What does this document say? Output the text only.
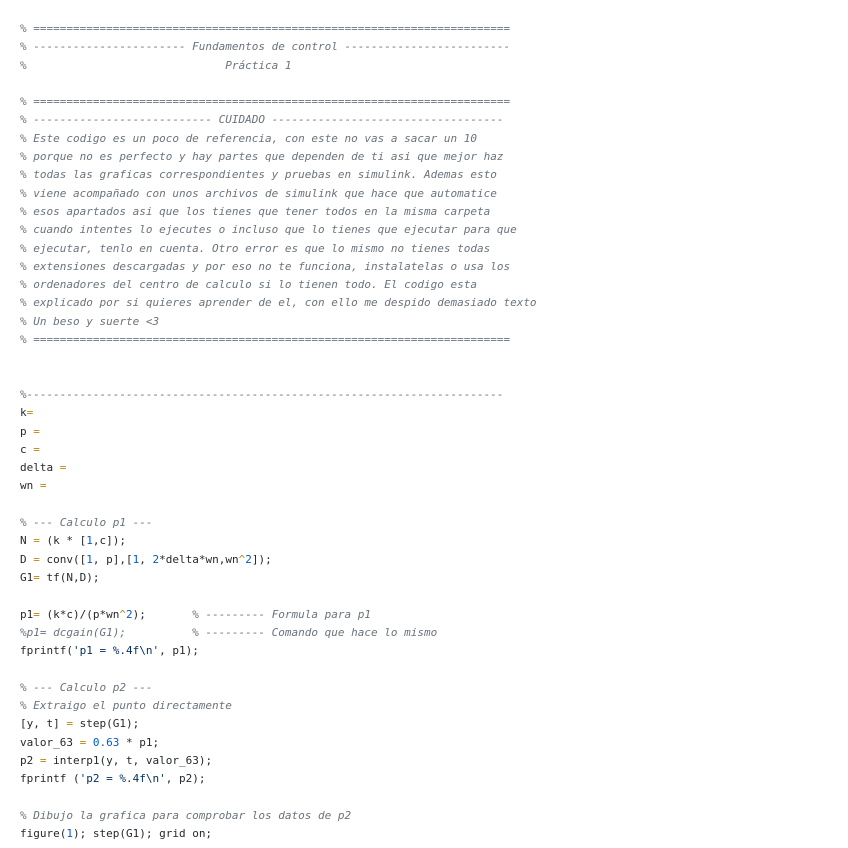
% ========================================================================
% ----------------------- Fundamentos de control -------------------------
%                              Práctica 1
% ========================================================================
% --------------------------- CUIDADO -----------------------------------
% Este codigo es un poco de referencia, con este no vas a sacar un 10
% porque no es perfecto y hay partes que dependen de ti asi que mejor haz
% todas las graficas correspondientes y pruebas en simulink. Ademas esto
% viene acompañado con unos archivos de simulink que hace que automatice
% esos apartados asi que los tienes que tener todos en la misma carpeta
% cuando intentes lo ejecutes o incluso que lo tienes que ejecutar para que
% ejecutar, tenlo en cuenta. Otro error es que lo mismo no tienes todas
% extensiones descargadas y por eso no te funciona, instalatelas o usa los
% ordenadores del centro de calculo si lo tienen todo. El codigo esta
% explicado por si quieres aprender de el, con ello me despido demasiado texto
% Un beso y suerte <3
% ========================================================================
%------------------------------------------------------------------------
k=
p =
c =
delta =
wn =
% --- Calculo p1 ---
N = (k * [1,c]);
D = conv([1, p],[1, 2*delta*wn,wn^2]);
G1= tf(N,D);
p1= (k*c)/(p*wn^2);       % --------- Formula para p1
%p1= dcgain(G1);          % --------- Comando que hace lo mismo
fprintf('p1 = %.4f\n', p1);
% --- Calculo p2 ---
% Extraigo el punto directamente
[y, t] = step(G1);
valor_63 = 0.63 * p1;
p2 = interp1(y, t, valor_63);
fprintf ('p2 = %.4f\n', p2);
% Dibujo la grafica para comprobar los datos de p2
figure(1); step(G1); grid on;
